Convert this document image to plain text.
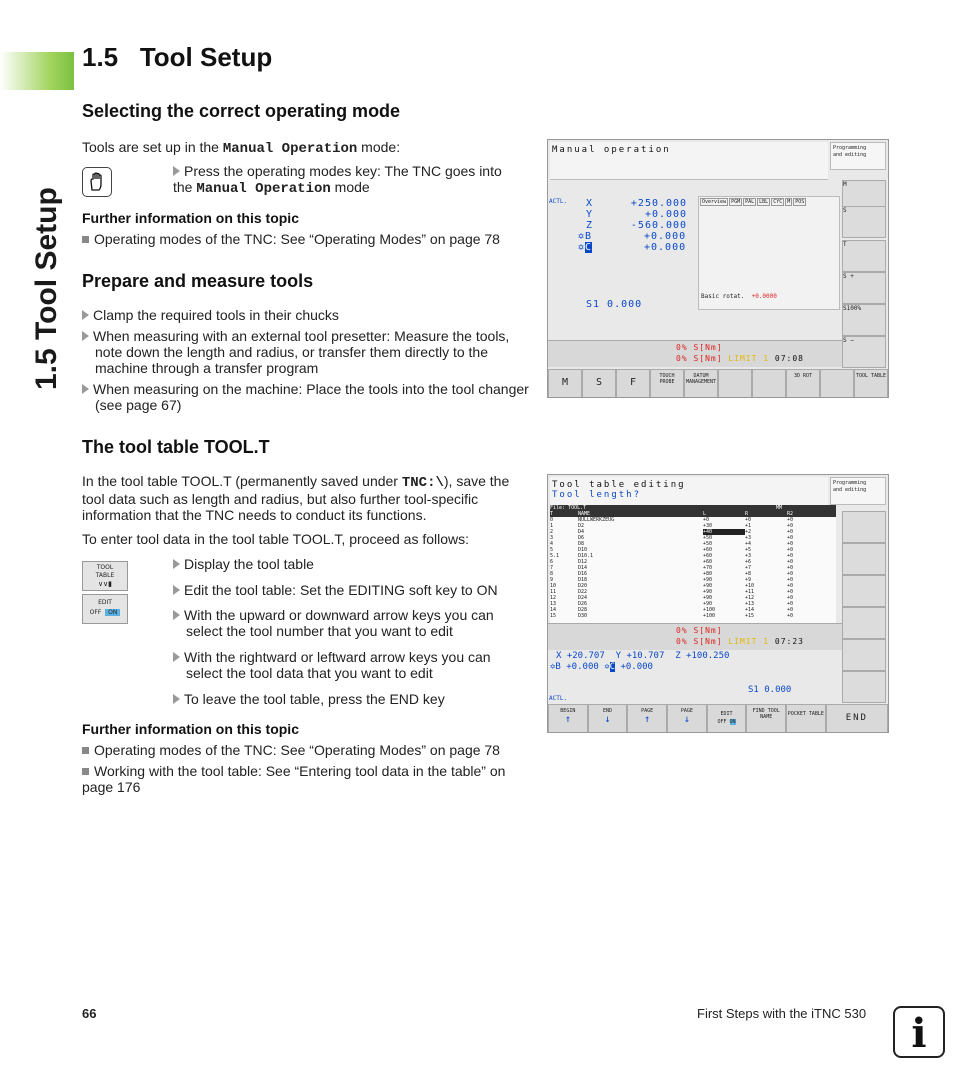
1.5 Tool Setup
1.5 Tool Setup
Selecting the correct operating mode

Tools are set up in the Manual Operation mode:

Press the operating modes key: The TNC goes into the Manual Operation mode

Further information on this topic

Operating modes of the TNC: See “Operating Modes” on page 78

Prepare and measure tools

Clamp the required tools in their chucks

When measuring with an external tool presetter: Measure the tools, note down the length and radius, or transfer them directly to the machine through a transfer program

When measuring on the machine: Place the tools into the tool changer (see page 67)

The tool table TOOL.T

In the tool table TOOL.T (permanently saved under TNC:\), save the tool data such as length and radius, but also further tool-specific information that the TNC needs to conduct its functions.

To enter tool data in the tool table TOOL.T, proceed as follows:

TOOL
TABLE
∨∨▮
EDIT
OFF ON

Display the tool table

Edit the tool table: Set the EDITING soft key to ON

With the upward or downward arrow keys you can select the tool number that you want to edit

With the rightward or leftward arrow keys you can select the tool data that you want to edit

To leave the tool table, press the END key

Further information on this topic

Operating modes of the TNC: See “Operating Modes” on page 78

Working with the tool table: See “Entering tool data in the table” on page 176

Manual operation	Programming
and editing
ACTL. X	+250.000
Y	+0.000
Z	-560.000
✡B	+0.000
✡C	+0.000
S1 0.000
Overview	PGM	PAL	LBL	CYC	M	POS
Basic rotat. +0.0000
0% S[Nm]
0% S[Nm] LIMIT 1 07:08
M
S
T
S +
S100%
S −
M	S	F
TOUCH PROBE
DATUM MANAGEMENT
3D ROT	TOOL TABLE
Tool table editing
Tool length?
Programming
and editing
File: TOOL.T	MM
T	NAME	L	R	R2
0	NULLWERKZEUG	+0	+0	+0
1	D2	+30	+1	+0
2	D4	+40	+2	+0
3	D6	+50	+3	+0
4	D8	+50	+4	+0
5	D10	+60	+5	+0
5.1	D10.1	+60	+3	+0
6	D12	+60	+6	+0
7	D14	+70	+7	+0
8	D16	+80	+8	+0
9	D18	+90	+9	+0
10	D20	+90	+10	+0
11	D22	+90	+11	+0
12	D24	+90	+12	+0
13	D26	+90	+13	+0
14	D28	+100	+14	+0
15	D30	+100	+15	+0
0% S[Nm]
0% S[Nm] LIMIT 1 07:23
X +20.707 Y +10.707 Z +100.250
✡B +0.000 ✡C +0.000
S1 0.000
ACTL.
BEGIN
↑
END
↓
PAGE
↑
PAGE
↓	EDIT
OFF ON
FIND TOOL NAME	POCKET TABLE	END
66	First Steps with the iTNC 530	i
